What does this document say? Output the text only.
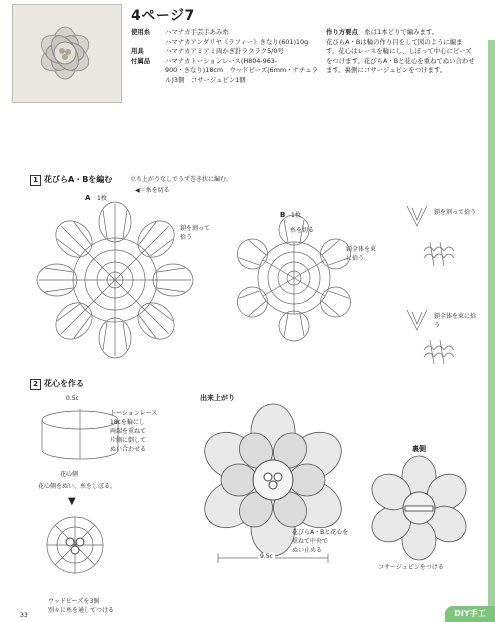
4ページ7
使用糸 ハマナカ手芸手あみ糸
ハマナカアンダリヤ《ラフィー》きなり(601)10g
用具	ハマナカアミアミ両かぎ針ラクラク5/0号
付属品 ハマナカトーションレース(H804-963-
900・きなり)18cm　ウッドビーズ(6mm・ナチュラ
ル)3個　コサージュピン1個
作り方要点　 糸は1本どりで編みます。
花びらA・Bは輪の作り目をして図のように編ま
す。花心はレースを輪にし、しぼって中心にビーズ
をつけます。花びらA・Bと花心を重ねてぬい合わせ
ます。裏側にコサージュピンをつけます。
1 花びらA・Bを編む	立ち上がりなしでうず巻き状に編む。
◀＝糸を切る
A 1枚
B 1枚
鎖を割って拾う
糸を切る
鎖全体を束に拾う
鎖を割って拾う
鎖全体を束に拾う
2 花心を作る
0.5c
トーションレース
18cを輪にし
両端を重ねて
片側に倒して
ぬい合わせる
花心側
花心側をぬい、糸をしぼる。
▼
ウッドビーズを3個
別々に糸を通してつける
出来上がり
9.5c
花びらA・Bと花心を
重ねて中央で
ぬい止める
裏側
コサージュピンをつける
33	DIY手工
